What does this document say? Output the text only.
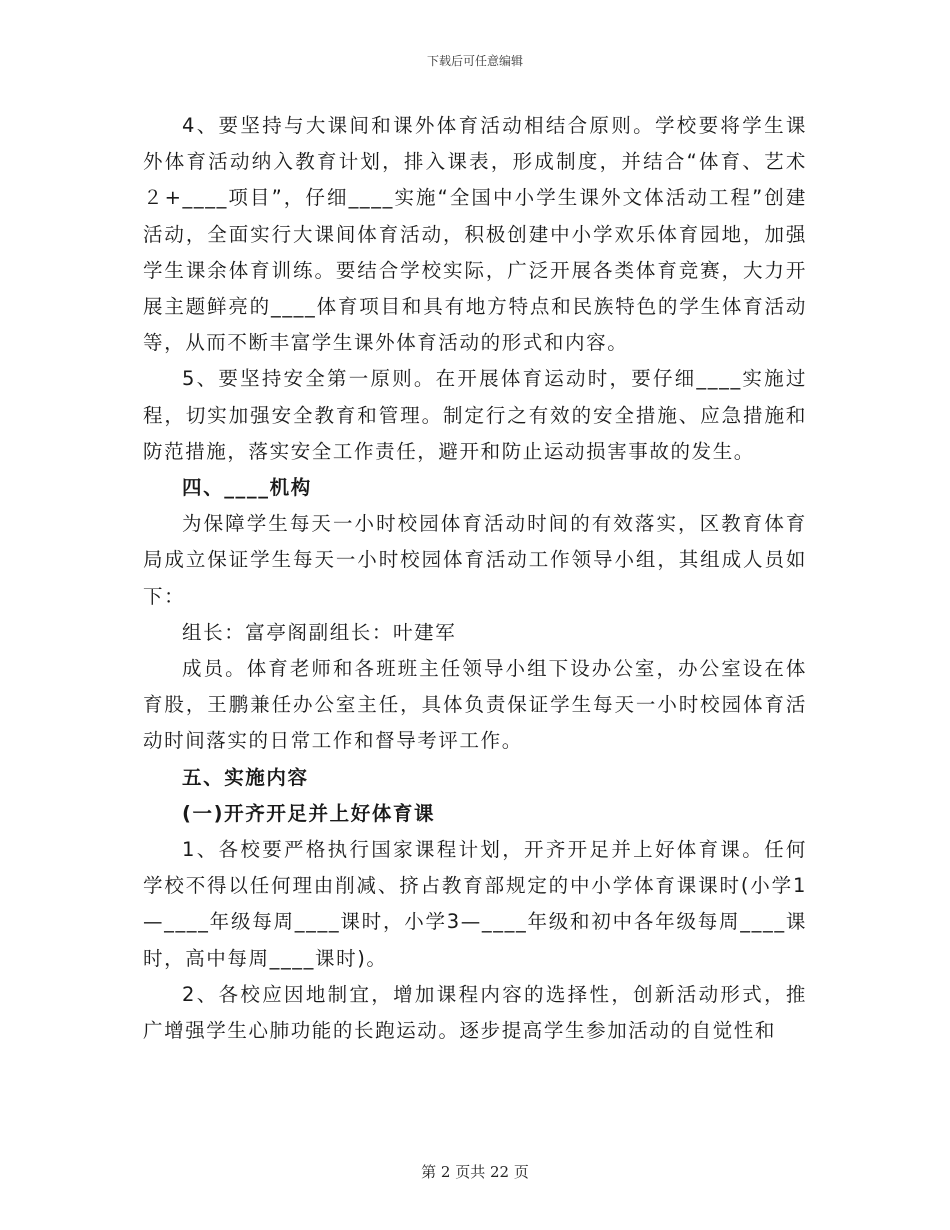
下载后可任意编辑

4、要坚持与大课间和课外体育活动相结合原则。学校要将学生课外体育活动纳入教育计划，排入课表，形成制度，并结合“体育、艺术２+____项目”，仔细____实施“全国中小学生课外文体活动工程”创建活动，全面实行大课间体育活动，积极创建中小学欢乐体育园地，加强学生课余体育训练。要结合学校实际，广泛开展各类体育竞赛，大力开展主题鲜亮的____体育项目和具有地方特点和民族特色的学生体育活动等，从而不断丰富学生课外体育活动的形式和内容。

5、要坚持安全第一原则。在开展体育运动时，要仔细____实施过程，切实加强安全教育和管理。制定行之有效的安全措施、应急措施和防范措施，落实安全工作责任，避开和防止运动损害事故的发生。

四、____机构

为保障学生每天一小时校园体育活动时间的有效落实，区教育体育局成立保证学生每天一小时校园体育活动工作领导小组，其组成人员如下：

组长：富亭阁副组长：叶建军

成员。体育老师和各班班主任领导小组下设办公室，办公室设在体育股，王鹏兼任办公室主任，具体负责保证学生每天一小时校园体育活动时间落实的日常工作和督导考评工作。

五、实施内容

(一)开齐开足并上好体育课

1、各校要严格执行国家课程计划，开齐开足并上好体育课。任何学校不得以任何理由削减、挤占教育部规定的中小学体育课课时(小学1—____年级每周____课时，小学3—____年级和初中各年级每周____课时，高中每周____课时)。

2、各校应因地制宜，增加课程内容的选择性，创新活动形式，推广增强学生心肺功能的长跑运动。逐步提高学生参加活动的自觉性和

第 2 页共 22 页
